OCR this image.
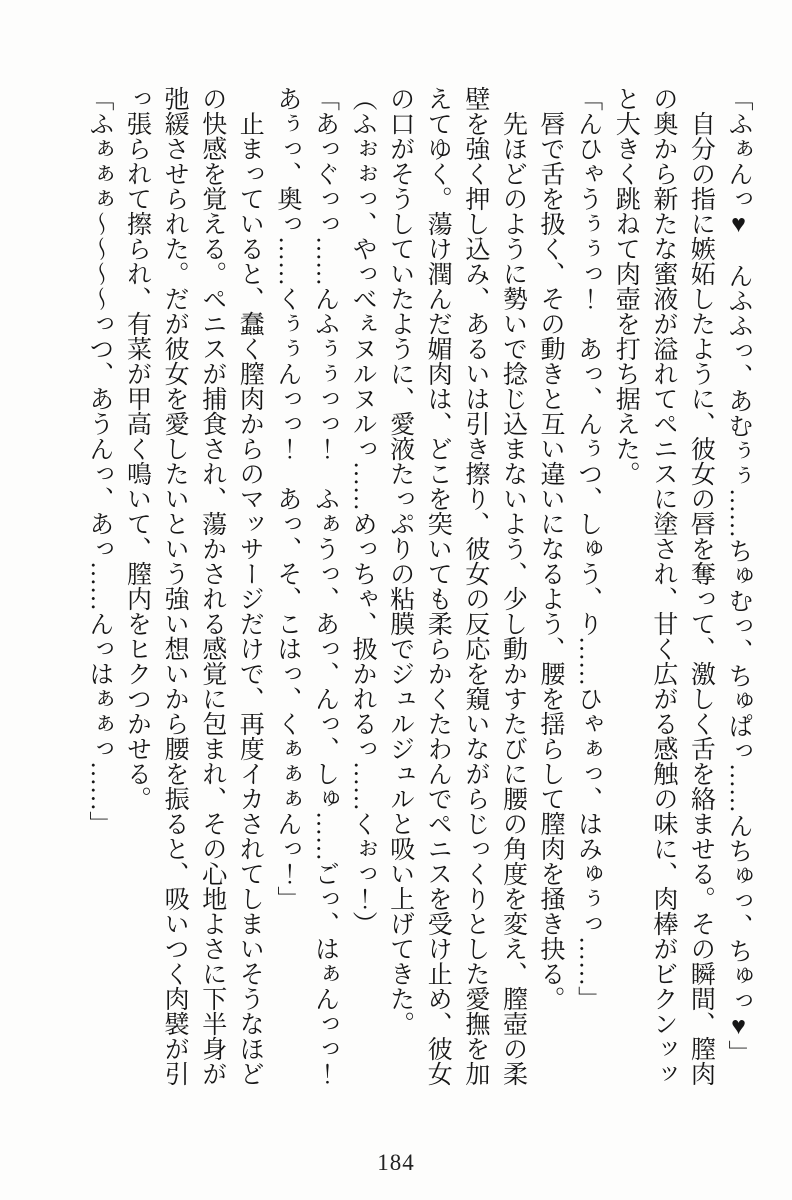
「ふぁんっ♥　んふふっ、あむぅぅ……ちゅむっ、ちゅぱっ……んちゅっ、ちゅっ♥」
自分の指に嫉妬したように、彼女の唇を奪って、激しく舌を絡ませる。その瞬間、膣肉
の奥から新たな蜜液が溢れてペニスに塗され、甘く広がる感触の味に、肉棒がビクンッッ
と大きく跳ねて肉壺を打ち据えた。
「んひゃうぅぅっ！　あっ、んぅつ、しゅう、り……ひゃぁっ、はみゅぅっ……」
唇で舌を扱く、その動きと互い違いになるよう、腰を揺らして膣肉を掻き抉る。
先ほどのように勢いで捻じ込まないよう、少し動かすたびに腰の角度を変え、膣壺の柔
壁を強く押し込み、あるいは引き擦り、彼女の反応を窺いながらじっくりとした愛撫を加
えてゆく。蕩け潤んだ媚肉は、どこを突いても柔らかくたわんでペニスを受け止め、彼女
の口がそうしていたように、愛液たっぷりの粘膜でジュルジュルと吸い上げてきた。
（ふぉぉっ、やっべぇヌルヌルっ……めっちゃ、扱かれるっ……くぉっ！）
「あっぐっっ……んふぅぅっっ！　ふぁうっ、あっ、んっ、しゅ……ごっ、はぁんっっ！
あぅっ、奥っ……くぅぅんっっ！　あっ、そ、こはっ、くぁぁぁんっ！」
止まっていると、蠢く膣肉からのマッサージだけで、再度イカされてしまいそうなほど
の快感を覚える。ペニスが捕食され、蕩かされる感覚に包まれ、その心地よさに下半身が
弛緩させられた。だが彼女を愛したいという強い想いから腰を振ると、吸いつく肉襞が引
っ張られて擦られ、有菜が甲高く鳴いて、膣内をヒクつかせる。
「ふぁぁぁ〜〜〜〜っつ、あうんっ、あっ……んっはぁぁっ……」
184
